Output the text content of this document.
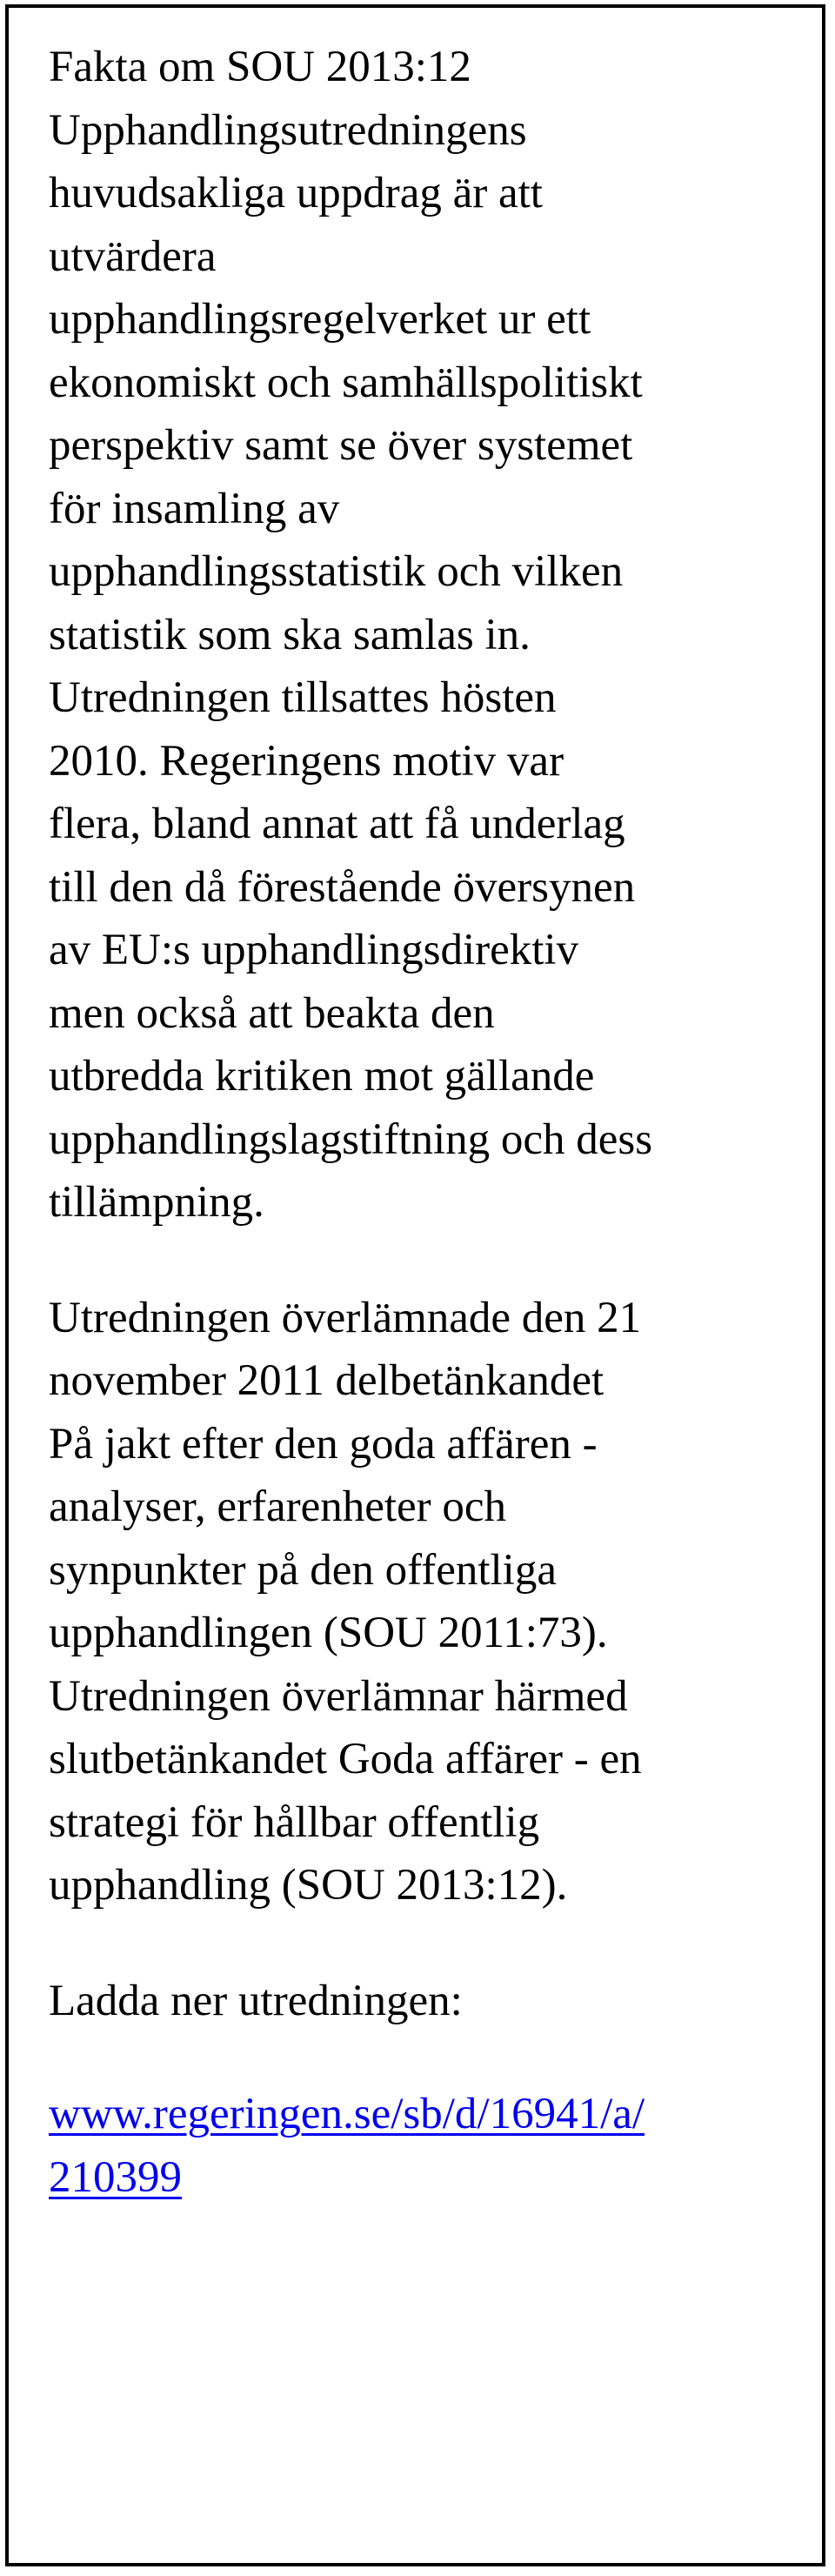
Fakta om SOU 2013:12
Upphandlingsutredningens
huvudsakliga uppdrag är att
utvärdera
upphandlingsregelverket ur ett
ekonomiskt och samhällspolitiskt
perspektiv samt se över systemet
för insamling av
upphandlingsstatistik och vilken
statistik som ska samlas in.
Utredningen tillsattes hösten
2010. Regeringens motiv var
flera, bland annat att få underlag
till den då förestående översynen
av EU:s upphandlingsdirektiv
men också att beakta den
utbredda kritiken mot gällande
upphandlingslagstiftning och dess
tillämpning.
Utredningen överlämnade den 21
november 2011 delbetänkandet
På jakt efter den goda affären -
analyser, erfarenheter och
synpunkter på den offentliga
upphandlingen (SOU 2011:73).
Utredningen överlämnar härmed
slutbetänkandet Goda affärer - en
strategi för hållbar offentlig
upphandling (SOU 2013:12).
Ladda ner utredningen:
www.regeringen.se/sb/d/16941/a/
210399
